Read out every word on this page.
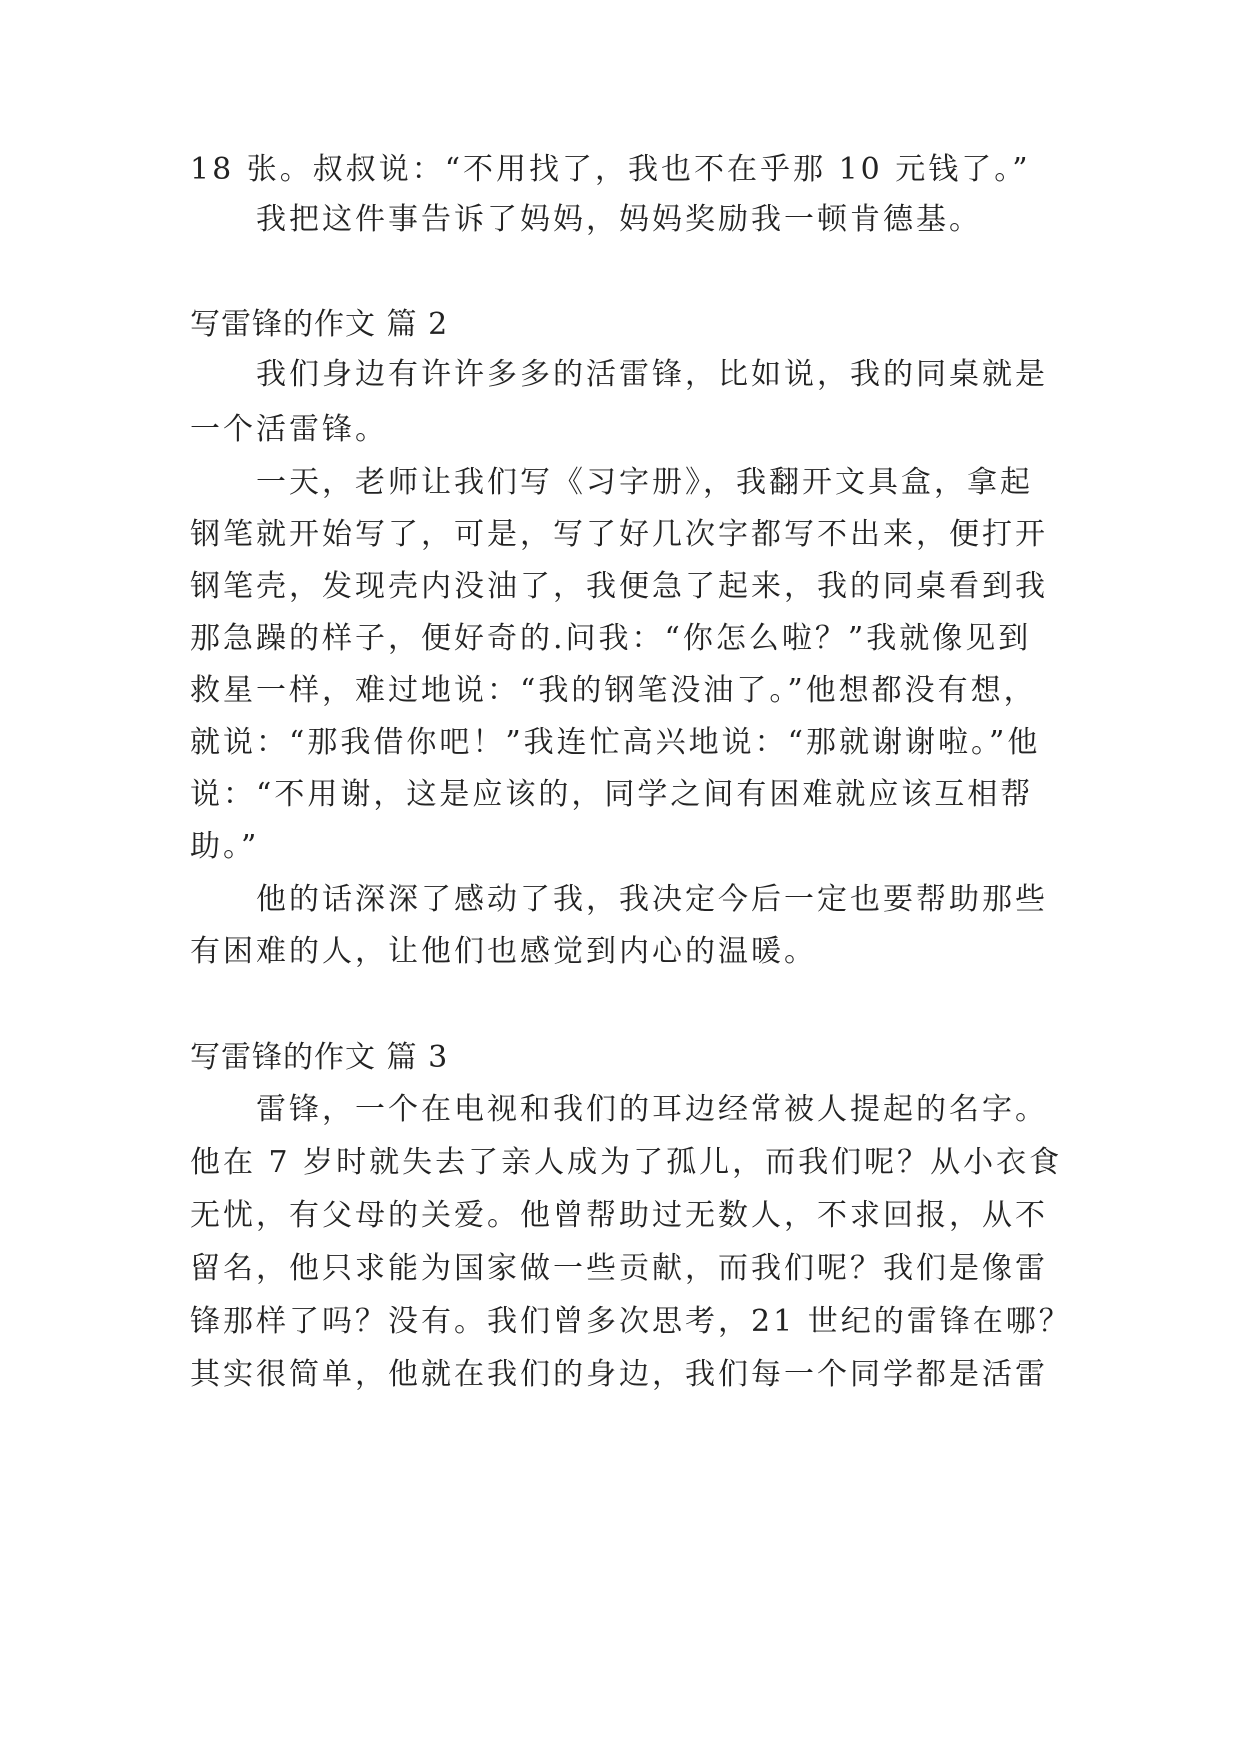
18 张。叔叔说：“不用找了，我也不在乎那 10 元钱了。”
我把这件事告诉了妈妈，妈妈奖励我一顿肯德基。
写雷锋的作文 篇 2
我们身边有许许多多的活雷锋，比如说，我的同桌就是
一个活雷锋。
一天，老师让我们写《习字册》，我翻开文具盒，拿起
钢笔就开始写了，可是，写了好几次字都写不出来，便打开
钢笔壳，发现壳内没油了，我便急了起来，我的同桌看到我
那急躁的样子，便好奇的.问我：“你怎么啦？”我就像见到
救星一样，难过地说：“我的钢笔没油了。”他想都没有想，
就说：“那我借你吧！”我连忙高兴地说：“那就谢谢啦。”他
说：“不用谢，这是应该的，同学之间有困难就应该互相帮
助。”
他的话深深了感动了我，我决定今后一定也要帮助那些
有困难的人，让他们也感觉到内心的温暖。
写雷锋的作文 篇 3
雷锋，一个在电视和我们的耳边经常被人提起的名字。
他在 7 岁时就失去了亲人成为了孤儿，而我们呢？从小衣食
无忧，有父母的关爱。他曾帮助过无数人，不求回报，从不
留名，他只求能为国家做一些贡献，而我们呢？我们是像雷
锋那样了吗？没有。我们曾多次思考，21 世纪的雷锋在哪？
其实很简单，他就在我们的身边，我们每一个同学都是活雷
